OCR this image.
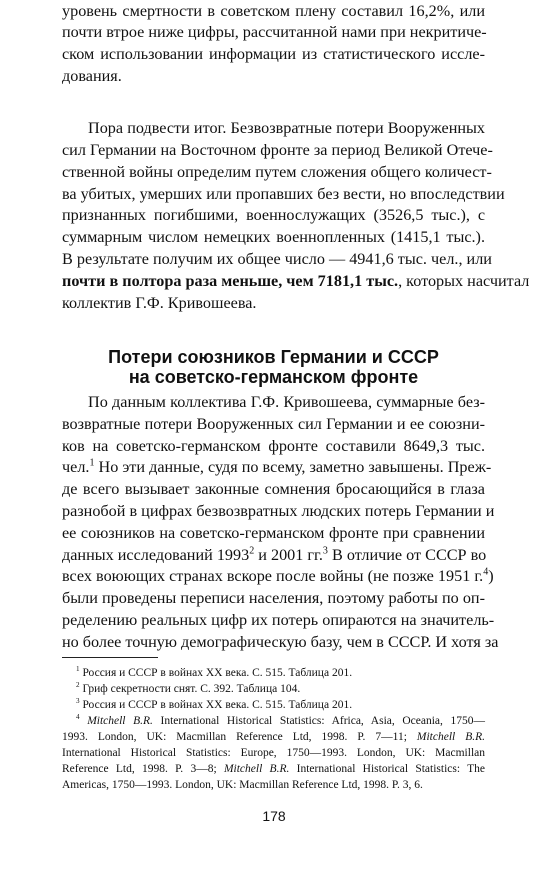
уровень смертности в советском плену составил 16,2%, или
почти втрое ниже цифры, рассчитанной нами при некритиче-
ском использовании информации из статистического иссле-
дования.
Пора подвести итог. Безвозвратные потери Вооруженных
сил Германии на Восточном фронте за период Великой Отече-
ственной войны определим путем сложения общего количест-
ва убитых, умерших или пропавших без вести, но впоследствии
признанных погибшими, военнослужащих (3526,5 тыс.), с
суммарным числом немецких военнопленных (1415,1 тыс.).
В результате получим их общее число — 4941,6 тыс. чел., или
почти в полтора раза меньше, чем 7181,1 тыс., которых насчитал
коллектив Г.Ф. Кривошеева.
Потери союзников Германии и СССР
на советско-германском фронте
По данным коллектива Г.Ф. Кривошеева, суммарные без-
возвратные потери Вооруженных сил Германии и ее союзни-
ков на советско-германском фронте составили 8649,3 тыс.
чел.$^1$ Но эти данные, судя по всему, заметно завышены. Преж-
де всего вызывает законные сомнения бросающийся в глаза
разнобой в цифрах безвозвратных людских потерь Германии и
ее союзников на советско-германском фронте при сравнении
данных исследований 1993$^2$ и 2001 гг.$^3$ В отличие от СССР во
всех воюющих странах вскоре после войны (не позже 1951 г.$^4$)
были проведены переписи населения, поэтому работы по оп-
ределению реальных цифр их потерь опираются на значитель-
но более точную демографическую базу, чем в СССР. И хотя за
$^1$ Россия и СССР в войнах XX века. С. 515. Таблица 201.
$^2$ Гриф секретности снят. С. 392. Таблица 104.
$^3$ Россия и СССР в войнах XX века. С. 515. Таблица 201.
$^4$ Mitchell B.R. International Historical Statistics: Africa, Asia, Oceania, 1750—
1993. London, UK: Macmillan Reference Ltd, 1998. P. 7—11; Mitchell B.R.
International Historical Statistics: Europe, 1750—1993. London, UK: Macmillan
Reference Ltd, 1998. P. 3—8; Mitchell B.R. International Historical Statistics: The
Americas, 1750—1993. London, UK: Macmillan Reference Ltd, 1998. P. 3, 6.
178
